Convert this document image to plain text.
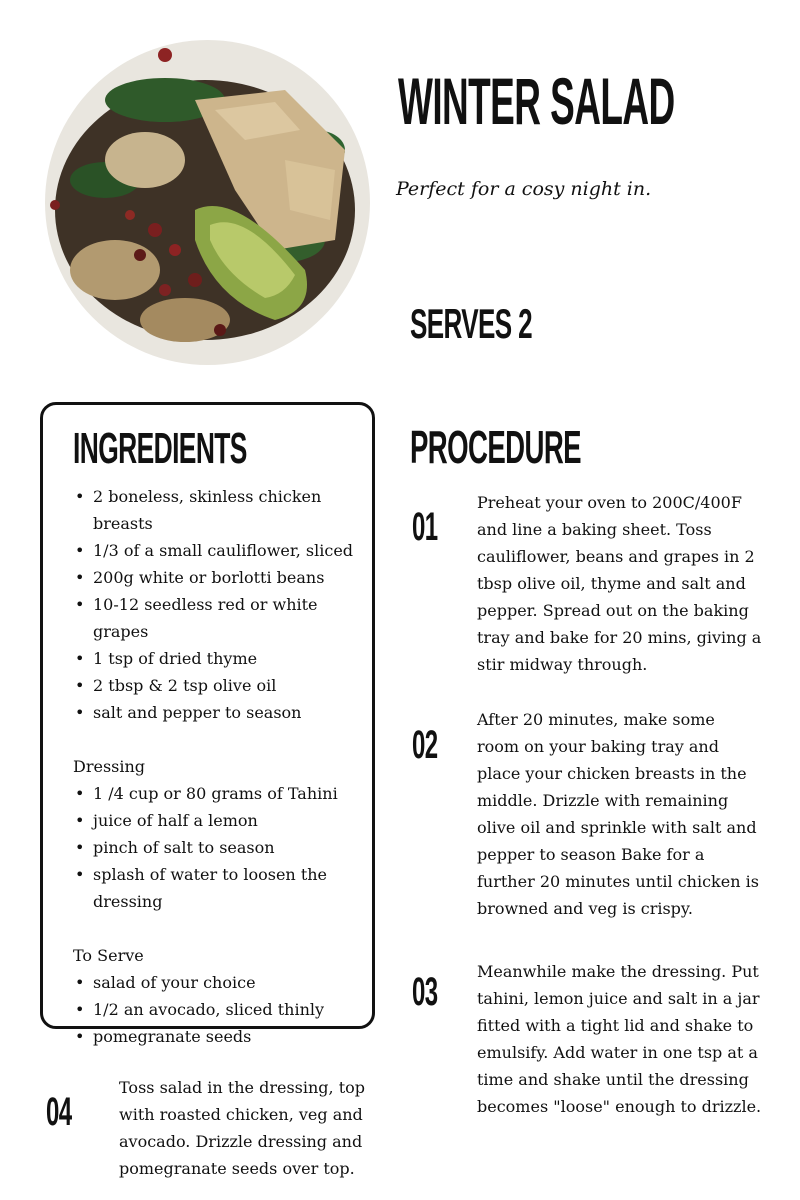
WINTER SALAD
Perfect for a cosy night in.
SERVES 2
INGREDIENTS
• 2 boneless, skinless chicken breasts
• 1/3 of a small cauliflower, sliced
• 200g white or borlotti beans
• 10-12 seedless red or white grapes
• 1 tsp of dried thyme
• 2 tbsp & 2 tsp olive oil
• salt and pepper to season
Dressing
• 1 /4 cup or 80 grams of Tahini
• juice of half a lemon
• pinch of salt to season
• splash of water to loosen the dressing
To Serve
• salad of your choice
• 1/2 an avocado, sliced thinly
• pomegranate seeds
PROCEDURE
01

Preheat your oven to 200C/400F and line a baking sheet. Toss cauliflower, beans and grapes in 2 tbsp olive oil, thyme and salt and pepper. Spread out on the baking tray and bake for 20 mins, giving a stir midway through.

02

After 20 minutes, make some room on your baking tray and place your chicken breasts in the middle. Drizzle with remaining olive oil and sprinkle with salt and pepper to season Bake for a further 20 minutes until chicken is browned and veg is crispy.

03 Meanwhile make the dressing. Put tahini, lemon juice and salt in a jar fitted with a tight lid and shake to emulsify. Add water in one tsp at a time and shake until the dressing becomes "loose" enough to drizzle.

04

Toss salad in the dressing, top with roasted chicken, veg and avocado. Drizzle dressing and pomegranate seeds over top.
